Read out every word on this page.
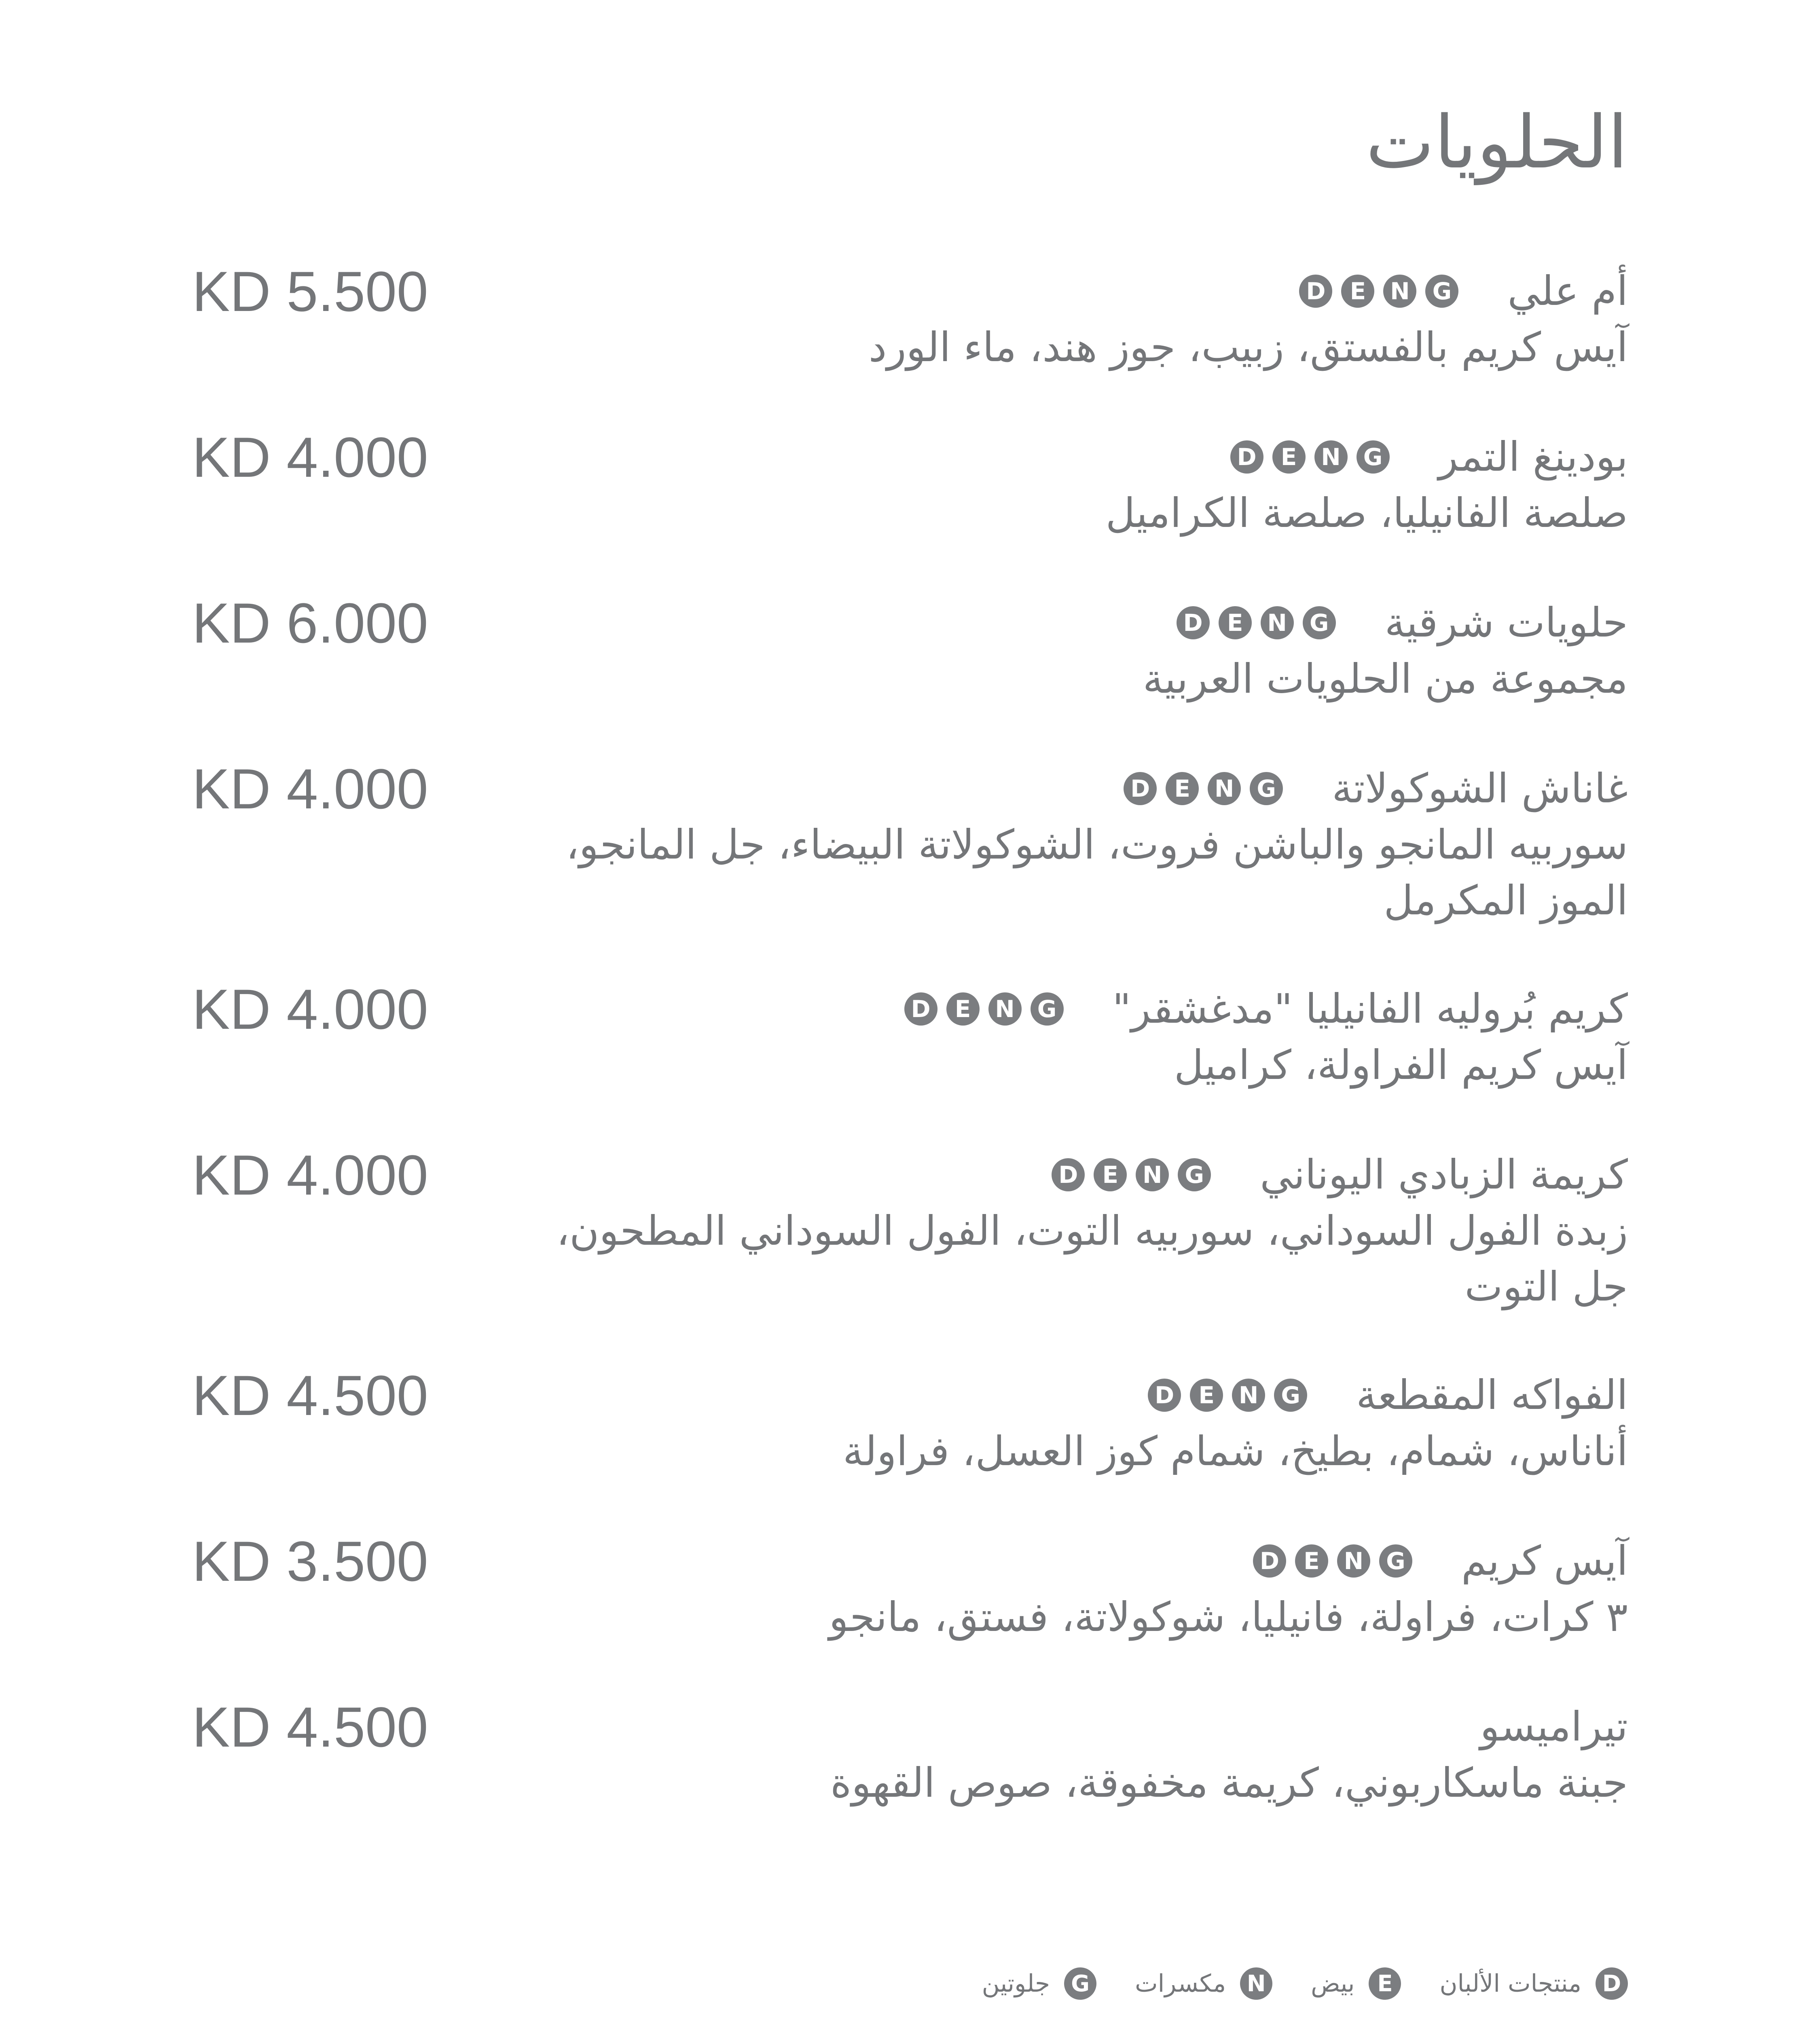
الحلويات
أم علي
D	E	N G
آيس كريم بالفستق، زبيب، جوز هند، ماء الورد
KD 5.500
بودينغ التمر
D	E	N G
صلصة الفانيليا، صلصة الكراميل
KD 4.000
حلويات شرقية
D	E	N G
مجموعة من الحلويات العربية
KD 6.000
غاناش الشوكولاتة
D	E	N G
سوربيه المانجو والباشن فروت، الشوكولاتة البيضاء، جل المانجو، الموز المكرمل
KD 4.000
كريم بُروليه الفانيليا "مدغشقر"
D	E	N G
آيس كريم الفراولة، كراميل
KD 4.000
كريمة الزبادي اليوناني
D	E	N G
زبدة الفول السوداني، سوربيه التوت، الفول السوداني المطحون، جل التوت
KD 4.000
الفواكه المقطعة
D	E	N G
أناناس، شمام، بطيخ، شمام كوز العسل، فراولة
KD 4.500
آيس كريم
D	E	N G
٣ كرات، فراولة، فانيليا، شوكولاتة، فستق، مانجو
KD 3.500
تيراميسو
جبنة ماسكاربوني، كريمة مخفوقة، صوص القهوة
KD 4.500
D
منتجات الألبان
E
بيض
N
مكسرات
G
جلوتين
